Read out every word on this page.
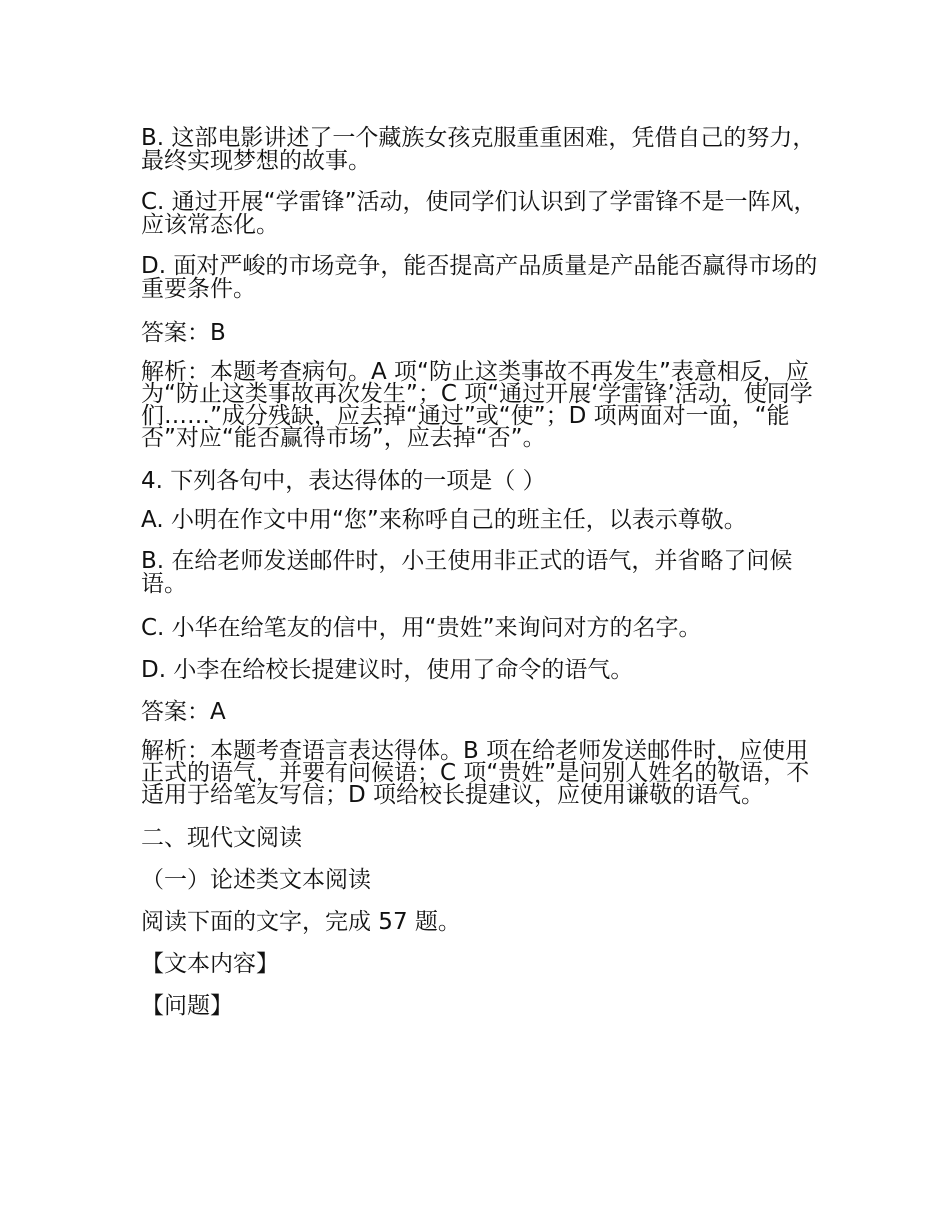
B. 这部电影讲述了一个藏族女孩克服重重困难，凭借自己的努力，最终实现梦想的故事。

C. 通过开展“学雷锋”活动，使同学们认识到了学雷锋不是一阵风，应该常态化。

D. 面对严峻的市场竞争，能否提高产品质量是产品能否赢得市场的重要条件。

答案：B

解析：本题考查病句。A 项“防止这类事故不再发生”表意相反，应为“防止这类事故再次发生”；C 项“通过开展‘学雷锋’活动，使同学们……”成分残缺，应去掉“通过”或“使”；D 项两面对一面，“能否”对应“能否赢得市场”，应去掉“否”。

4. 下列各句中，表达得体的一项是（ ）

A. 小明在作文中用“您”来称呼自己的班主任，以表示尊敬。

B. 在给老师发送邮件时，小王使用非正式的语气，并省略了问候语。

C. 小华在给笔友的信中，用“贵姓”来询问对方的名字。

D. 小李在给校长提建议时，使用了命令的语气。

答案：A

解析：本题考查语言表达得体。B 项在给老师发送邮件时，应使用正式的语气，并要有问候语；C 项“贵姓”是问别人姓名的敬语，不适用于给笔友写信；D 项给校长提建议，应使用谦敬的语气。

二、现代文阅读

（一）论述类文本阅读

阅读下面的文字，完成 57 题。

【文本内容】

【问题】
